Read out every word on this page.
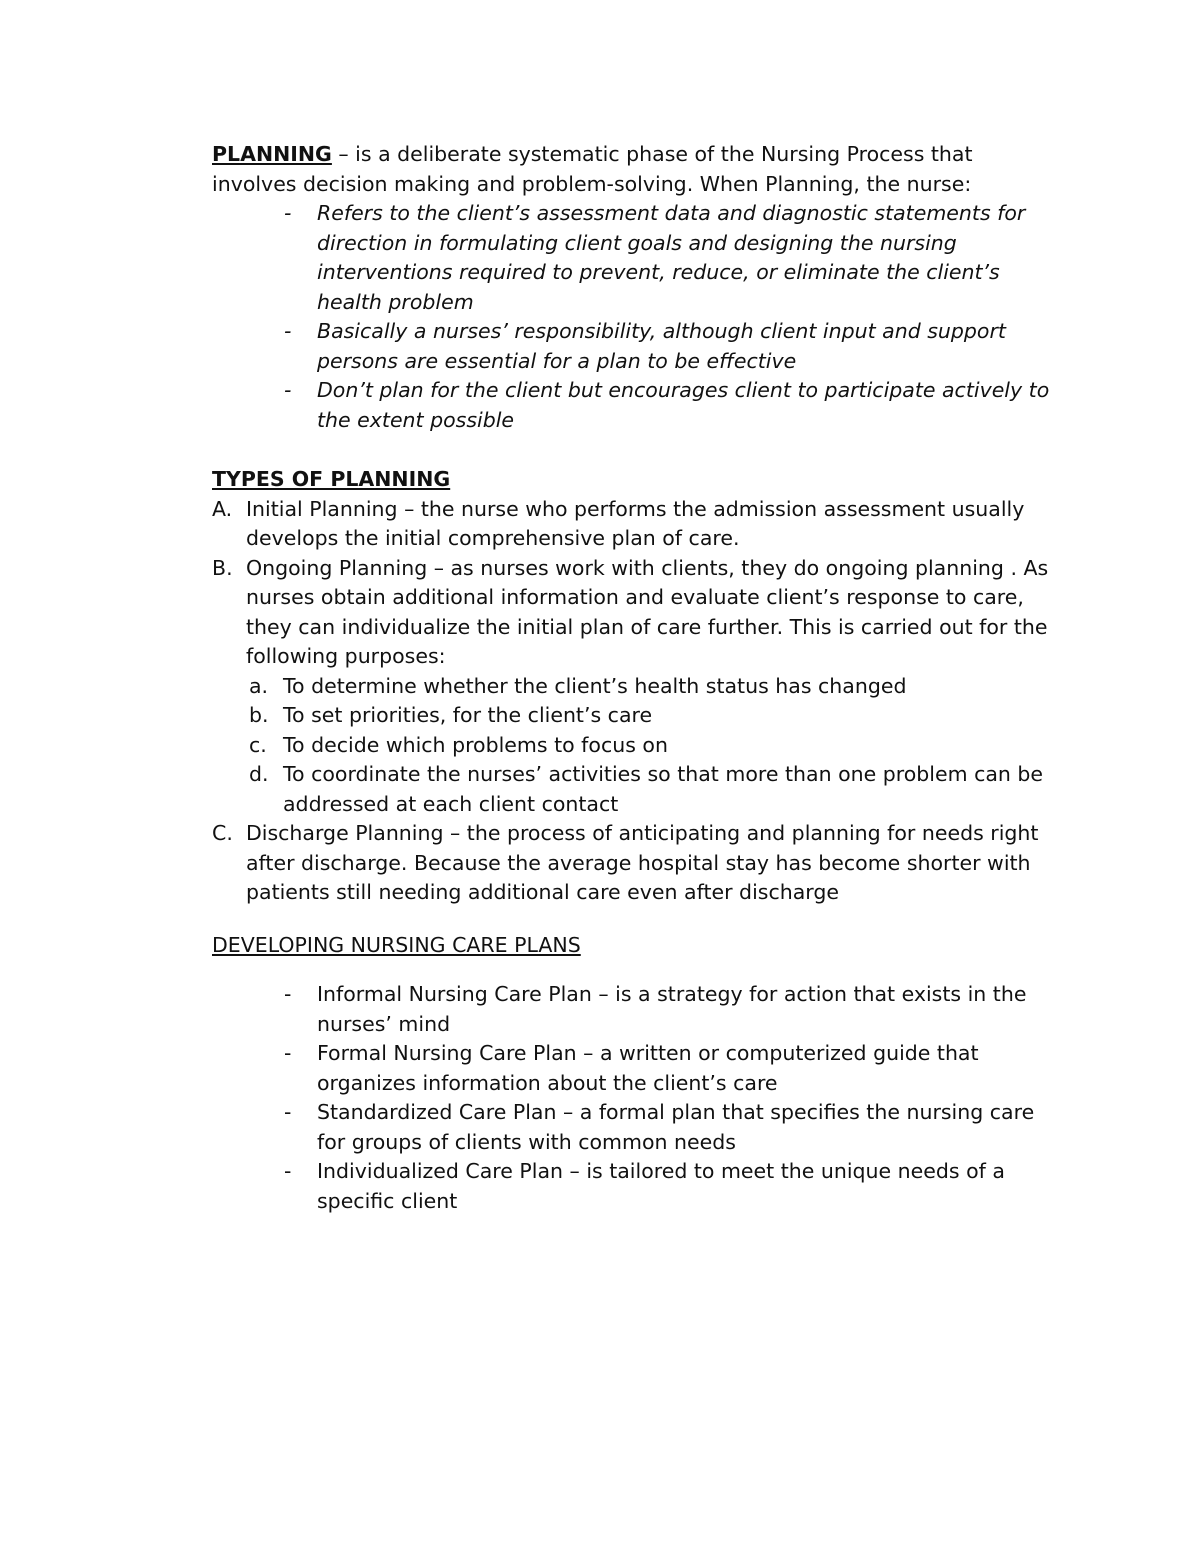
PLANNING – is a deliberate systematic phase of the Nursing Process that involves decision making and problem-solving. When Planning, the nurse:

- Refers to the client’s assessment data and diagnostic statements for direction in formulating client goals and designing the nursing interventions required to prevent, reduce, or eliminate the client’s health problem
- Basically a nurses’ responsibility, although client input and support persons are essential for a plan to be effective
- Don’t plan for the client but encourages client to participate actively to the extent possible

TYPES OF PLANNING

A. Initial Planning – the nurse who performs the admission assessment usually develops the initial comprehensive plan of care.
B. Ongoing Planning – as nurses work with clients, they do ongoing planning . As nurses obtain additional information and evaluate client’s response to care, they can individualize the initial plan of care further. This is carried out for the following purposes:
a. To determine whether the client’s health status has changed
b. To set priorities, for the client’s care
c. To decide which problems to focus on
d. To coordinate the nurses’ activities so that more than one problem can be addressed at each client contact
C. Discharge Planning – the process of anticipating and planning for needs right after discharge. Because the average hospital stay has become shorter with patients still needing additional care even after discharge

DEVELOPING NURSING CARE PLANS

- Informal Nursing Care Plan – is a strategy for action that exists in the nurses’ mind
- Formal Nursing Care Plan – a written or computerized guide that organizes information about the client’s care
- Standardized Care Plan – a formal plan that specifies the nursing care for groups of clients with common needs
- Individualized Care Plan – is tailored to meet the unique needs of a specific client
